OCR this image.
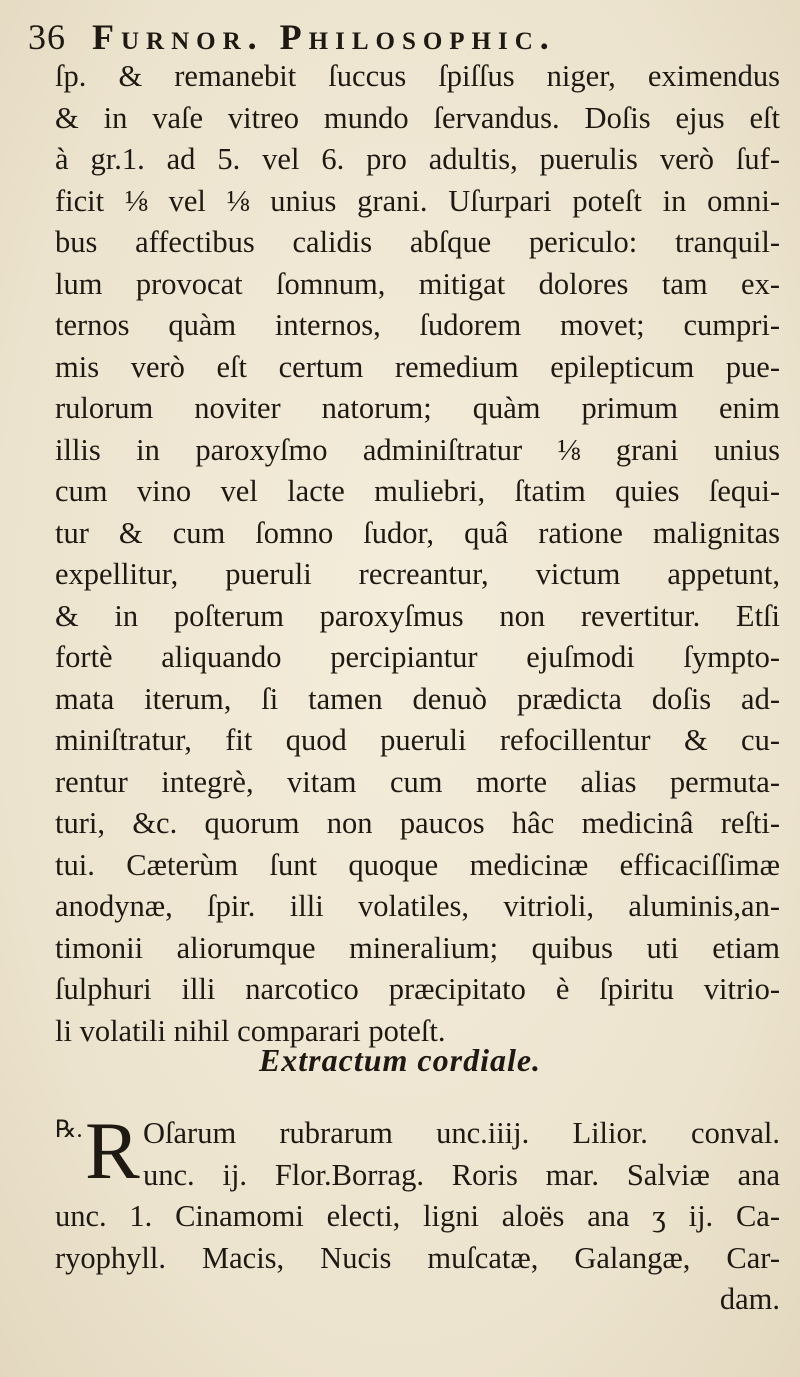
36 Furnor. Philosophic.

ſp. & remanebit ſuccus ſpiſſus niger, eximendus
& in vaſe vitreo mundo ſervandus. Doſis ejus eſt
à gr.1. ad 5. vel 6. pro adultis, puerulis verò ſuf-
ficit ⅛ vel ⅛ unius grani. Uſurpari poteſt in omni-
bus affectibus calidis abſque periculo: tranquil-
lum provocat ſomnum, mitigat dolores tam ex-
ternos quàm internos, ſudorem movet; cumpri-
mis verò eſt certum remedium epilepticum pue-
rulorum noviter natorum; quàm primum enim
illis in paroxyſmo adminiſtratur ⅛ grani unius
cum vino vel lacte muliebri, ſtatim quies ſequi-
tur & cum ſomno ſudor, quâ ratione malignitas
expellitur, pueruli recreantur, victum appetunt,
& in poſterum paroxyſmus non revertitur. Etſi
fortè aliquando percipiantur ejuſmodi ſympto-
mata iterum, ſi tamen denuò prædicta doſis ad-
miniſtratur, fit quod pueruli refocillentur & cu-
rentur integrè, vitam cum morte alias permuta-
turi, &c. quorum non paucos hâc medicinâ reſti-
tui. Cæterùm ſunt quoque medicinæ efficaciſſimæ
anodynæ, ſpir. illi volatiles, vitrioli, aluminis,an-
timonii aliorumque mineralium; quibus uti etiam
ſulphuri illi narcotico præcipitato è ſpiritu vitrio-
li volatili nihil comparari poteſt.

Extractum cordiale.

℞. R Oſarum rubrarum unc.iiij. Lilior. conval.
unc. ij. Flor.Borrag. Roris mar. Salviæ ana
unc. 1. Cinamomi electi, ligni aloës ana ʒ ij. Ca-
ryophyll. Macis, Nucis muſcatæ, Galangæ, Car-
dam.
